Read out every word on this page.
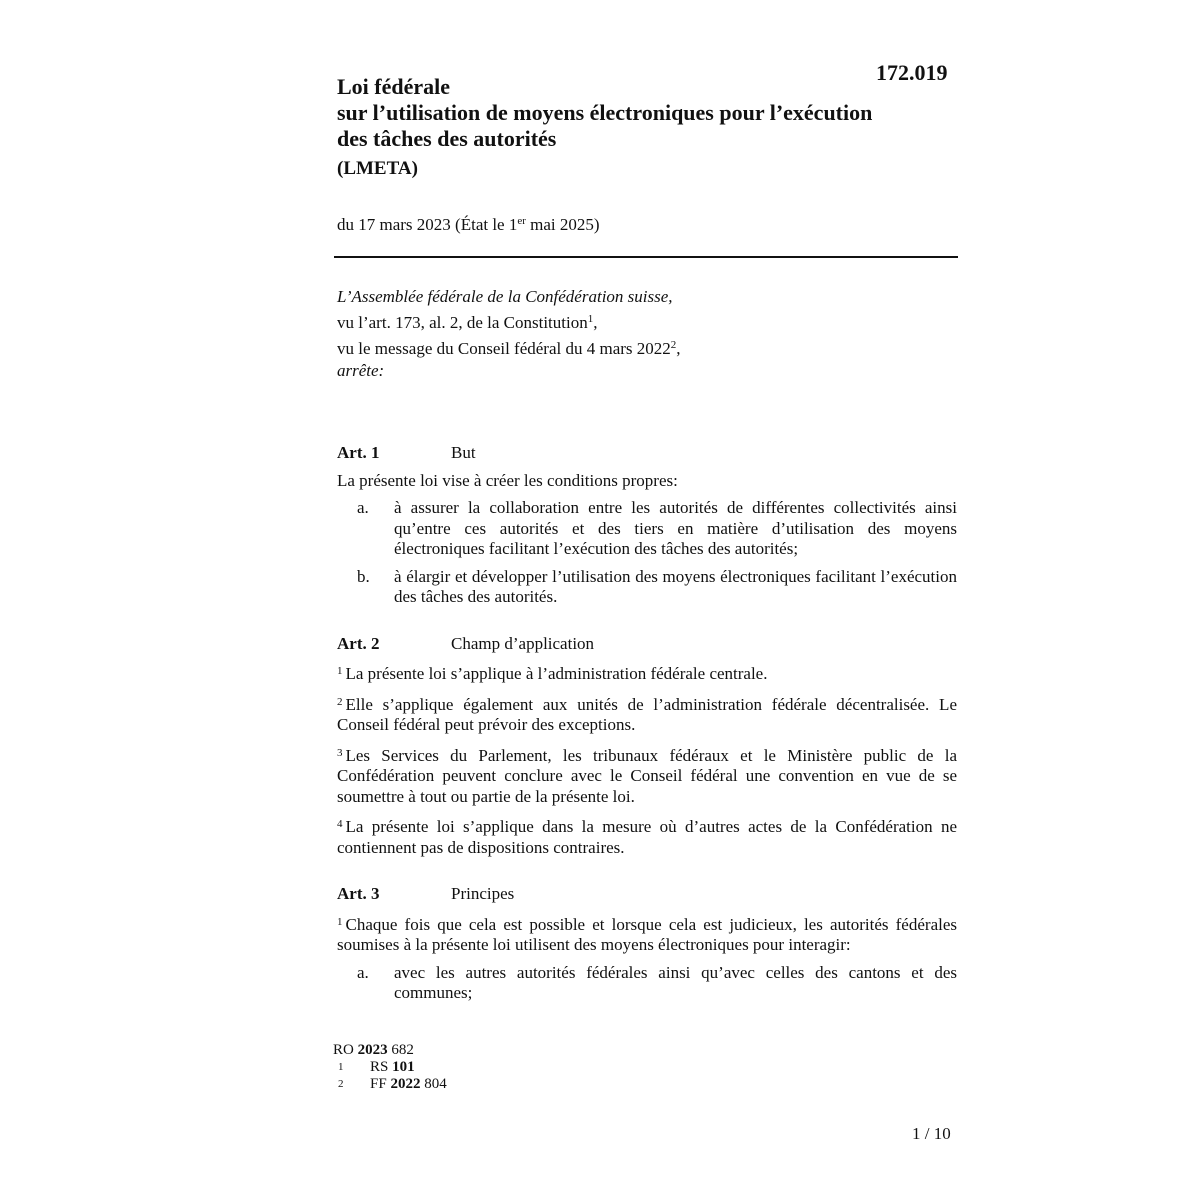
172.019
Loi fédérale
sur l’utilisation de moyens électroniques pour l’exécution
des tâches des autorités
(LMETA)
du 17 mars 2023 (État le 1er mai 2025)
L’Assemblée fédérale de la Confédération suisse,
vu l’art. 173, al. 2, de la Constitution$^1$,
vu le message du Conseil fédéral du 4 mars 2022$^2$,
arrête:
Art. 1	But
La présente loi vise à créer les conditions propres:
a.	à assurer la collaboration entre les autorités de différentes collectivités ainsi qu’entre ces autorités et des tiers en matière d’utilisation des moyens électroniques facilitant l’exécution des tâches des autorités;
b.	à élargir et développer l’utilisation des moyens électroniques facilitant l’exécution des tâches des autorités.
Art. 2	Champ d’application
$^1$ La présente loi s’applique à l’administration fédérale centrale.
$^2$ Elle s’applique également aux unités de l’administration fédérale décentralisée. Le Conseil fédéral peut prévoir des exceptions.
$^3$ Les Services du Parlement, les tribunaux fédéraux et le Ministère public de la Confédération peuvent conclure avec le Conseil fédéral une convention en vue de se soumettre à tout ou partie de la présente loi.
$^4$ La présente loi s’applique dans la mesure où d’autres actes de la Confédération ne contiennent pas de dispositions contraires.
Art. 3	Principes
$^1$ Chaque fois que cela est possible et lorsque cela est judicieux, les autorités fédérales soumises à la présente loi utilisent des moyens électroniques pour interagir:
a.	avec les autres autorités fédérales ainsi qu’avec celles des cantons et des communes;
RO 2023 682
1	RS 101
2	FF 2022 804
1 / 10
